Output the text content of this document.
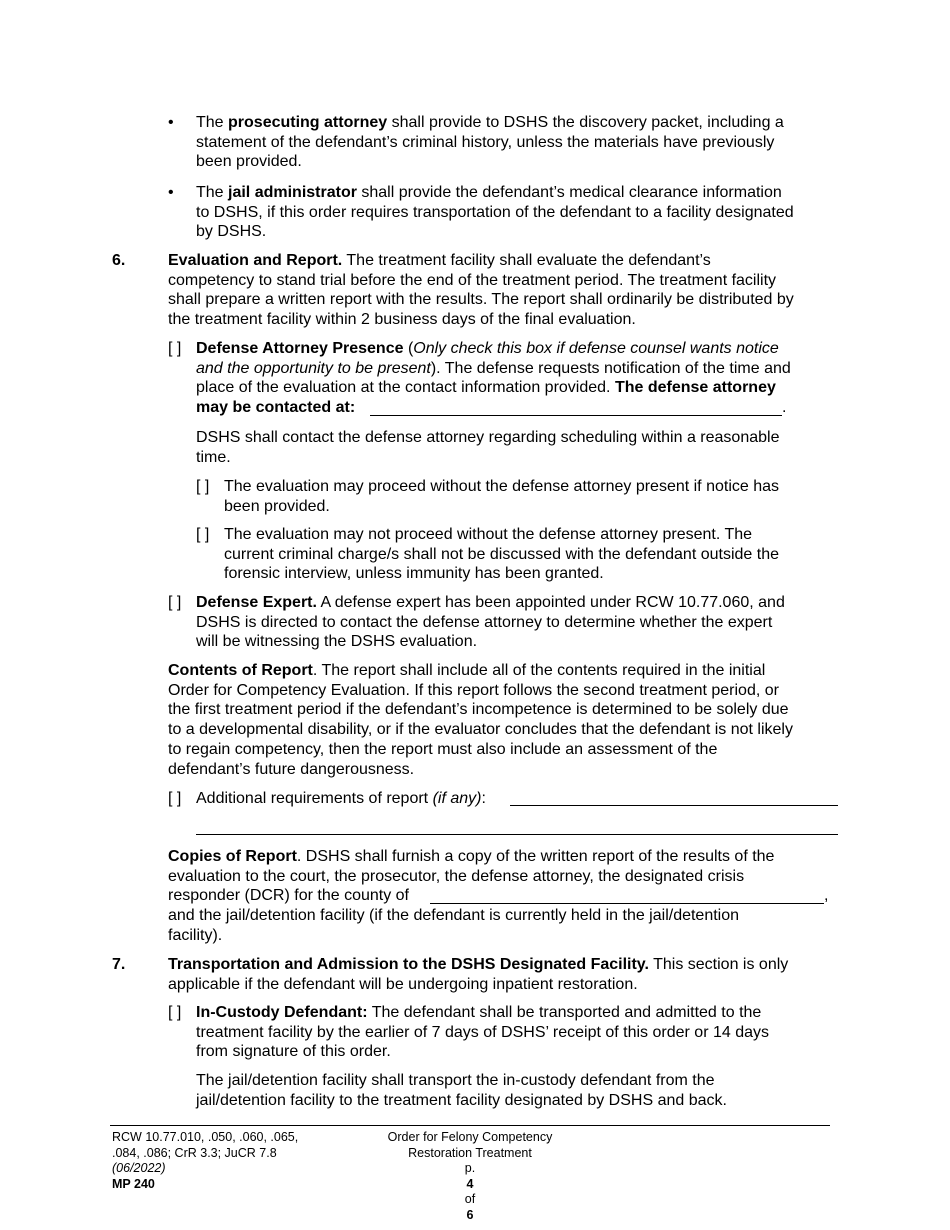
• The prosecuting attorney shall provide to DSHS the discovery packet, including a
statement of the defendant’s criminal history, unless the materials have previously
been provided.
• The jail administrator shall provide the defendant’s medical clearance information
to DSHS, if this order requires transportation of the defendant to a facility designated
by DSHS.
6.	Evaluation and Report. The treatment facility shall evaluate the defendant’s
competency to stand trial before the end of the treatment period. The treatment facility
shall prepare a written report with the results. The report shall ordinarily be distributed by
the treatment facility within 2 business days of the final evaluation.
[ ] Defense Attorney Presence (Only check this box if defense counsel wants notice
and the opportunity to be present). The defense requests notification of the time and
place of the evaluation at the contact information provided. The defense attorney
may be contacted at:	.
DSHS shall contact the defense attorney regarding scheduling within a reasonable
time.
[ ] The evaluation may proceed without the defense attorney present if notice has
been provided.
[ ] The evaluation may not proceed without the defense attorney present. The
current criminal charge/s shall not be discussed with the defendant outside the
forensic interview, unless immunity has been granted.
[ ] Defense Expert. A defense expert has been appointed under RCW 10.77.060, and
DSHS is directed to contact the defense attorney to determine whether the expert
will be witnessing the DSHS evaluation.
Contents of Report. The report shall include all of the contents required in the initial
Order for Competency Evaluation. If this report follows the second treatment period, or
the first treatment period if the defendant’s incompetence is determined to be solely due
to a developmental disability, or if the evaluator concludes that the defendant is not likely
to regain competency, then the report must also include an assessment of the
defendant’s future dangerousness.
[ ] Additional requirements of report (if any):
Copies of Report. DSHS shall furnish a copy of the written report of the results of the
evaluation to the court, the prosecutor, the defense attorney, the designated crisis
responder (DCR) for the county of
and the jail/detention facility (if the defendant is currently held in the jail/detention
facility).
,
7.	Transportation and Admission to the DSHS Designated Facility. This section is only
applicable if the defendant will be undergoing inpatient restoration.
[ ] In-Custody Defendant: The defendant shall be transported and admitted to the
treatment facility by the earlier of 7 days of DSHS’ receipt of this order or 14 days
from signature of this order.
The jail/detention facility shall transport the in-custody defendant from the
jail/detention facility to the treatment facility designated by DSHS and back.
RCW 10.77.010, .050, .060, .065,
.084, .086; CrR 3.3; JuCR 7.8
(06/2022)
MP 240
Order for Felony Competency
Restoration Treatment
p.
4
of
6
